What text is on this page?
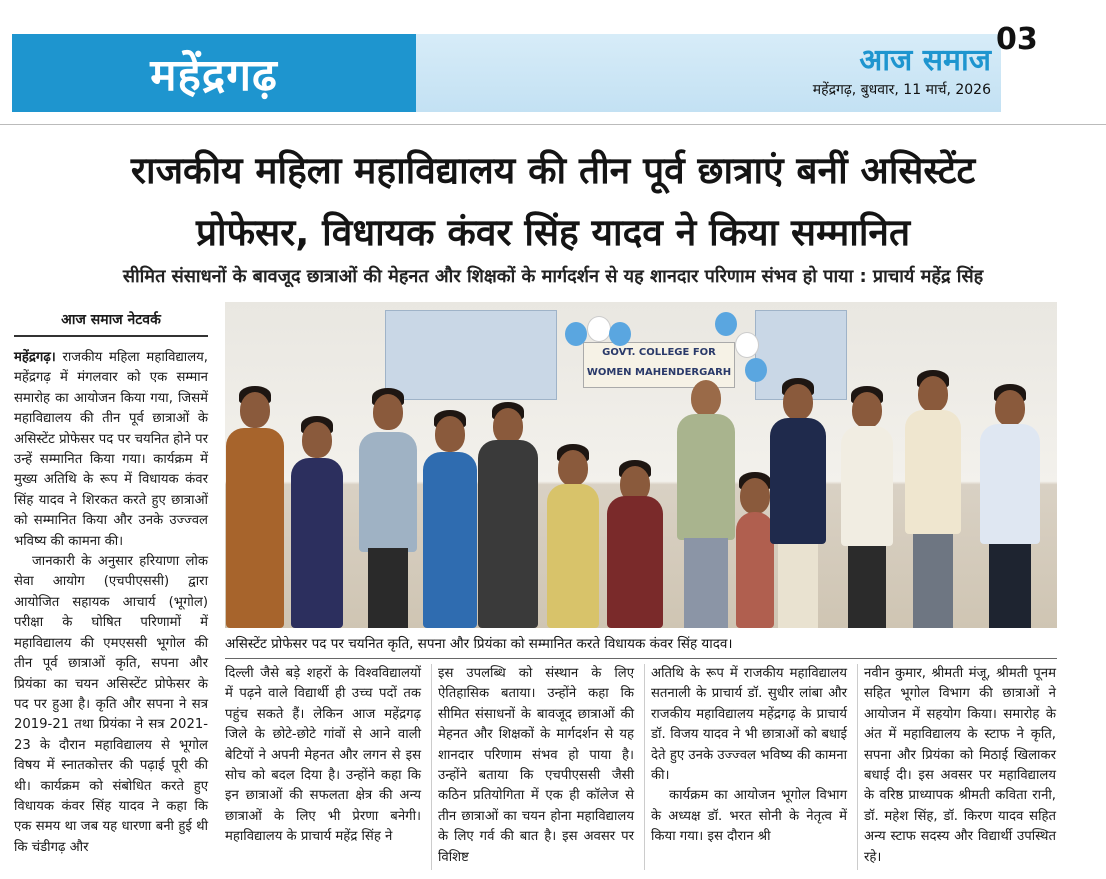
महेंद्रगढ़	आज समाज
महेंद्रगढ़, बुधवार, 11 मार्च, 2026
03
राजकीय महिला महाविद्यालय की तीन पूर्व छात्राएं बनीं असिस्टेंट
प्रोफेसर, विधायक कंवर सिंह यादव ने किया सम्मानित
सीमित संसाधनों के बावजूद छात्राओं की मेहनत और शिक्षकों के मार्गदर्शन से यह शानदार परिणाम संभव हो पाया : प्राचार्य महेंद्र सिंह
आज समाज नेटवर्क
GOVT. COLLEGE FOR WOMEN MAHENDERGARH
असिस्टेंट प्रोफेसर पद पर चयनित कृति, सपना और प्रियंका को सम्मानित करते विधायक कंवर सिंह यादव।

महेंद्रगढ़। राजकीय महिला महाविद्यालय, महेंद्रगढ़ में मंगलवार को एक सम्मान समारोह का आयोजन किया गया, जिसमें महाविद्यालय की तीन पूर्व छात्राओं के असिस्टेंट प्रोफेसर पद पर चयनित होने पर उन्हें सम्मानित किया गया। कार्यक्रम में मुख्य अतिथि के रूप में विधायक कंवर सिंह यादव ने शिरकत करते हुए छात्राओं को सम्मानित किया और उनके उज्ज्वल भविष्य की कामना की।

जानकारी के अनुसार हरियाणा लोक सेवा आयोग (एचपीएससी) द्वारा आयोजित सहायक आचार्य (भूगोल) परीक्षा के घोषित परिणामों में महाविद्यालय की एमएससी भूगोल की तीन पूर्व छात्राओं कृति, सपना और प्रियंका का चयन असिस्टेंट प्रोफेसर के पद पर हुआ है। कृति और सपना ने सत्र 2019-21 तथा प्रियंका ने सत्र 2021-23 के दौरान महाविद्यालय से भूगोल विषय में स्नातकोत्तर की पढ़ाई पूरी की थी। कार्यक्रम को संबोधित करते हुए विधायक कंवर सिंह यादव ने कहा कि एक समय था जब यह धारणा बनी हुई थी कि चंडीगढ़ और

दिल्ली जैसे बड़े शहरों के विश्वविद्यालयों में पढ़ने वाले विद्यार्थी ही उच्च पदों तक पहुंच सकते हैं। लेकिन आज महेंद्रगढ़ जिले के छोटे-छोटे गांवों से आने वाली बेटियों ने अपनी मेहनत और लगन से इस सोच को बदल दिया है। उन्होंने कहा कि इन छात्राओं की सफलता क्षेत्र की अन्य छात्राओं के लिए भी प्रेरणा बनेगी। महाविद्यालय के प्राचार्य महेंद्र सिंह ने

इस उपलब्धि को संस्थान के लिए ऐतिहासिक बताया। उन्होंने कहा कि सीमित संसाधनों के बावजूद छात्राओं की मेहनत और शिक्षकों के मार्गदर्शन से यह शानदार परिणाम संभव हो पाया है। उन्होंने बताया कि एचपीएससी जैसी कठिन प्रतियोगिता में एक ही कॉलेज से तीन छात्राओं का चयन होना महाविद्यालय के लिए गर्व की बात है। इस अवसर पर विशिष्ट

अतिथि के रूप में राजकीय महाविद्यालय सतनाली के प्राचार्य डॉ. सुधीर लांबा और राजकीय महाविद्यालय महेंद्रगढ़ के प्राचार्य डॉ. विजय यादव ने भी छात्राओं को बधाई देते हुए उनके उज्ज्वल भविष्य की कामना की।

कार्यक्रम का आयोजन भूगोल विभाग के अध्यक्ष डॉ. भरत सोनी के नेतृत्व में किया गया। इस दौरान श्री

नवीन कुमार, श्रीमती मंजू, श्रीमती पूनम सहित भूगोल विभाग की छात्राओं ने आयोजन में सहयोग किया। समारोह के अंत में महाविद्यालय के स्टाफ ने कृति, सपना और प्रियंका को मिठाई खिलाकर बधाई दी। इस अवसर पर महाविद्यालय के वरिष्ठ प्राध्यापक श्रीमती कविता रानी, डॉ. महेश सिंह, डॉ. किरण यादव सहित अन्य स्टाफ सदस्य और विद्यार्थी उपस्थित रहे।
